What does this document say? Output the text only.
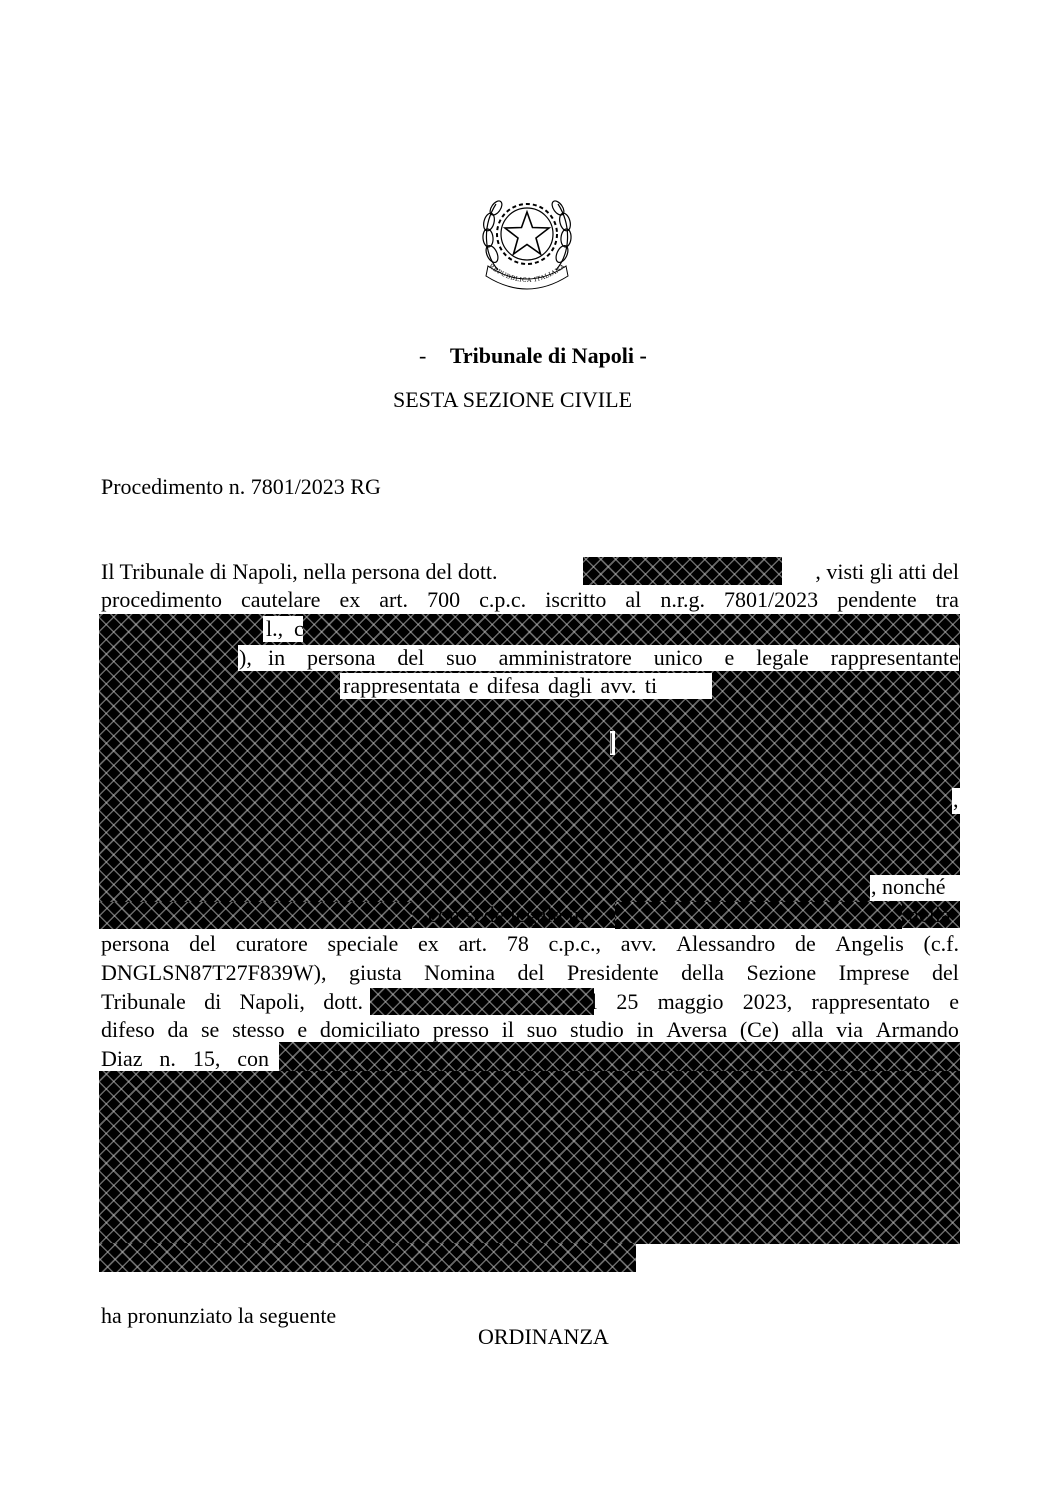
REPUBBLICA ITALIANA
- Tribunale di Napoli -
SESTA SEZIONE CIVILE
Procedimento n. 7801/2023 RG
Il Tribunale di Napoli, nella persona del dott.	, visti gli atti del
procedimento cautelare ex art. 700 c.p.c. iscritto al n.r.g. 7801/2023 pendente tra
l., c
), in persona del suo amministratore unico e legale rappresentante
rappresentata e difesa dagli avv. ti
|
,
, nonché
con sede legale in	nella
persona del curatore speciale ex art. 78 c.p.c., avv. Alessandro de Angelis (c.f.
DNGLSN87T27F839W), giusta Nomina del Presidente della Sezione Imprese del
Tribunale di Napoli, dott.	l 25 maggio 2023, rappresentato e
difeso da se stesso e domiciliato presso il suo studio in Aversa (Ce) alla via Armando
Diaz n. 15, con
ha pronunziato la seguente
ORDINANZA
